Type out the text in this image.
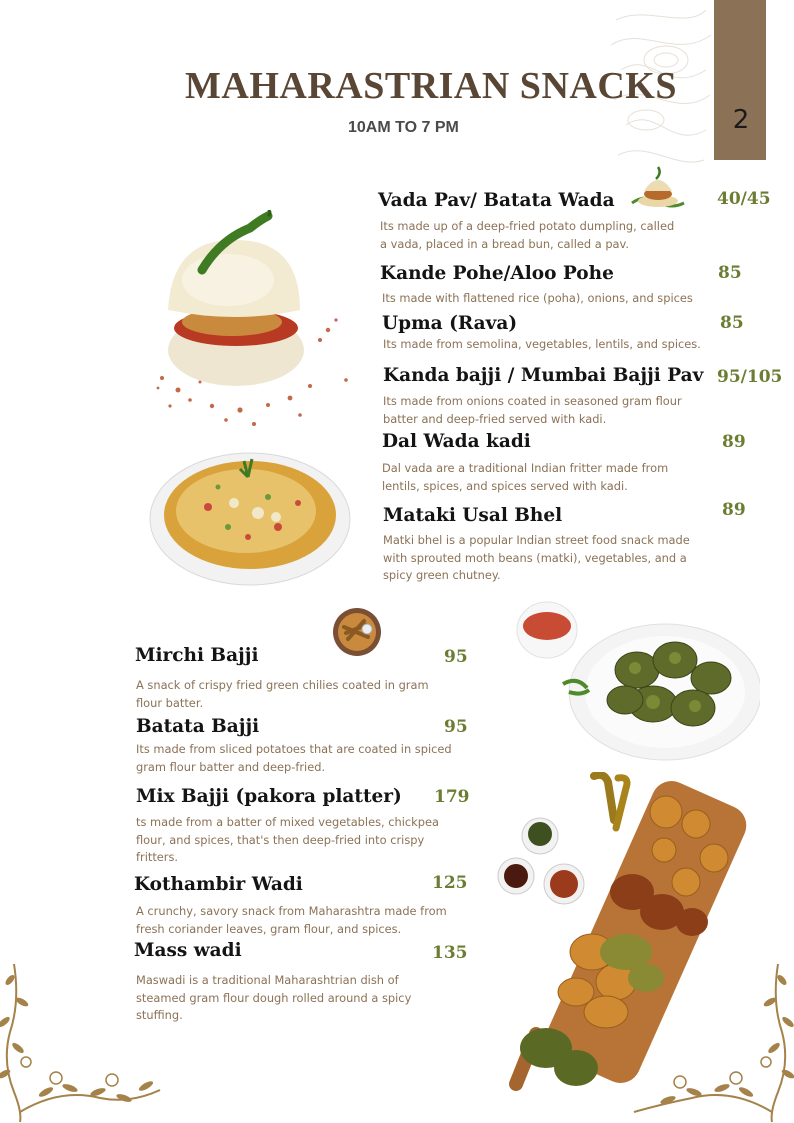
2
MAHARASTRIAN SNACKS
10AM TO 7 PM
Vada Pav/ Batata Wada	40/45
Its made up of a deep-fried potato dumpling, called a vada, placed in a bread bun, called a pav.
Kande Pohe/Aloo Pohe	85
Its made with flattened rice (poha), onions, and spices
Upma (Rava)	85
Its made from semolina, vegetables, lentils, and spices.
Kanda bajji / Mumbai Bajji Pav 95/105
Its made from onions coated in seasoned gram flour batter and deep-fried served with kadi.
Dal Wada kadi	89
Dal vada are a traditional Indian fritter made from lentils, spices, and spices served with kadi.
Mataki Usal Bhel	89
Matki bhel is a popular Indian street food snack made with sprouted moth beans (matki), vegetables, and a spicy green chutney.
Mirchi Bajji	95
A snack of crispy fried green chilies coated in gram flour batter.
Batata Bajji	95
Its made from sliced potatoes that are coated in spiced gram flour batter and deep-fried.
Mix Bajji (pakora platter) 179
ts made from a batter of mixed vegetables, chickpea flour, and spices, that's then deep-fried into crispy fritters.
Kothambir Wadi	125
A crunchy, savory snack from Maharashtra made from fresh coriander leaves, gram flour, and spices.
Mass wadi	135
Maswadi is a traditional Maharashtrian dish of steamed gram flour dough rolled around a spicy stuffing.
